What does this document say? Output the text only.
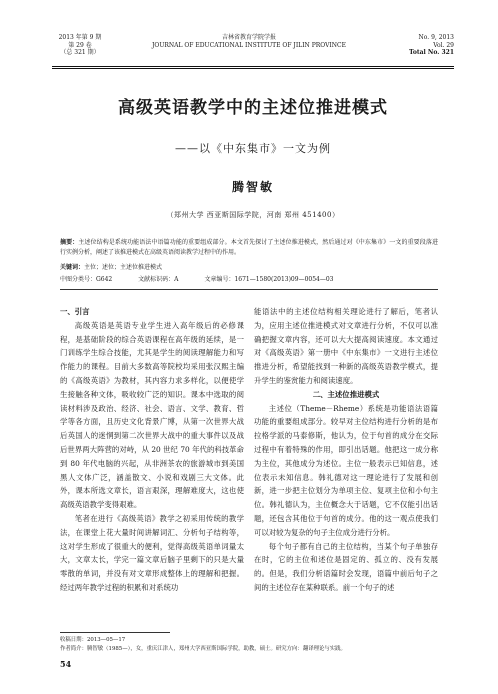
2013 年第 9 期
第 29 卷
（总 321 期）
吉林省教育学院学报
JOURNAL OF EDUCATIONAL INSTITUTE OF JILIN PROVINCE
No. 9, 2013
Vol. 29
Total No. 321
高级英语教学中的主述位推进模式
——以《中东集市》一文为例
腾智敏
（郑州大学 西亚斯国际学院，河南 郑州 451400）
摘要：主述位结构是系统功能语法中语篇功能的重要组成部分。本文首先探讨了主述位推进模式，然后通过对《中东集市》一文的重要段落进行实例分析，阐述了该推进模式在高级英语阅读教学过程中的作用。
关键词：主位；述位；主述位推进模式
中图分类号：G642	文献标识码：A	文章编号：1671—1580(2013)09—0054—03

一、引言

高级英语是英语专业学生进入高年级后的必修课程，是基础阶段的综合英语课程在高年级的延续，是一门训练学生综合技能，尤其是学生的阅读理解能力和写作能力的课程。目前大多数高等院校均采用张汉熙主编的《高级英语》为教材，其内容力求多样化，以便使学生接触各种文体，吸收较广泛的知识。课本中选取的阅读材料涉及政治、经济、社会、语言、文学、教育、哲学等各方面，且历史文化背景广博，从第一次世界大战后英国人的迷惘到第二次世界大战中的重大事件以及战后世界两大阵营的对峙，从 20 世纪 70 年代的科技革命到 80 年代电脑的兴起，从非洲茶农的旅游城市到美国黑人文体广泛，涵盖散文、小说和戏剧三大文体。此外，课本所选文章长，语言艰深，理解难度大，这也使高级英语教学变得艰难。

笔者在进行《高级英语》教学之初采用传统的教学法，在课堂上花大量时间讲解词汇、分析句子结构等，这对学生形成了很重大的便利，觉得高级英语单词量太大，文章太长，学完一篇文章后脑子里剩下的只是大量零散的单词，并没有对文章形成整体上的理解和把握。经过两年教学过程的积累和对系统功

能语法中的主述位结构相关理论进行了解后，笔者认为，应用主述位推进模式对文章进行分析，不仅可以准确把握文章内容，还可以大大提高阅读速度。本文通过对《高级英语》第一册中《中东集市》一文进行主述位推进分析，希望能找到一种新的高级英语教学模式，提升学生的鉴赏能力和阅读速度。

二、主述位推进模式

主述位（Theme－Rheme）系统是功能语法语篇功能的重要组成部分。较早对主位结构进行分析的是布拉格学派的马泰修斯，他认为，位于句首的成分在交际过程中有着特殊的作用，即引出话题。他把这一成分称为主位，其他成分为述位。主位一般表示已知信息，述位表示未知信息。韩礼德对这一理论进行了发展和创新，进一步把主位划分为单项主位、复项主位和小句主位。韩礼德认为，主位概念大于话题，它不仅能引出话题，还包含其他位于句首的成分。他的这一观点使我们可以对较为复杂的句子主位成分进行分析。

每个句子都有自己的主位结构，当某个句子单独存在时，它的主位和述位是固定的、孤立的、没有发展的。但是，我们分析语篇时会发现，语篇中前后句子之间的主述位存在某种联系。前一个句子的述

收稿日期：2013—05—17
作者简介：腾智敏（1985—），女，重庆江津人，郑州大学西亚斯国际学院，助教，硕士。研究方向：翻译理论与实践。
54
